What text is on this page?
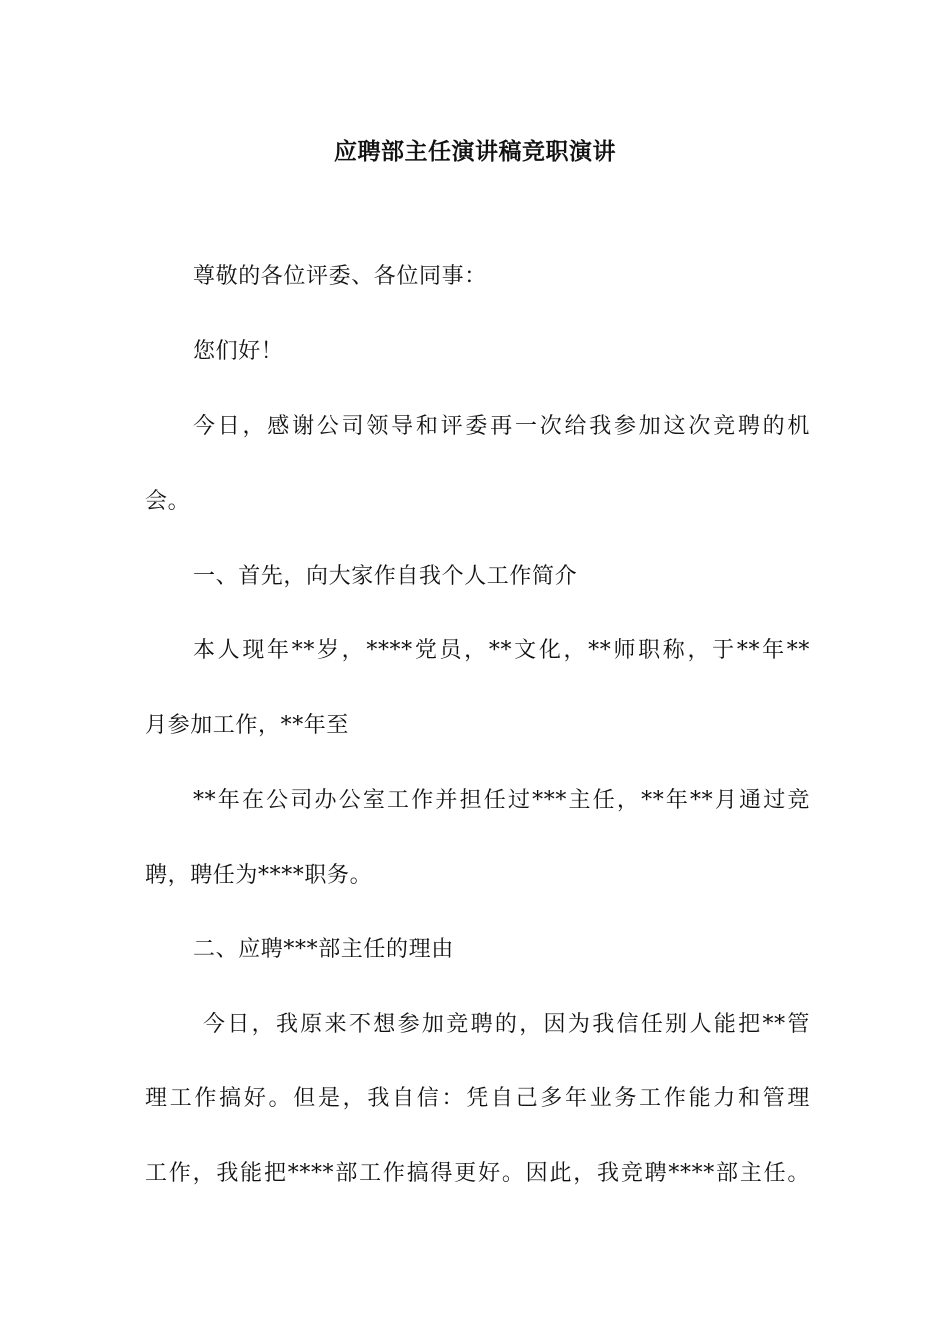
应聘部主任演讲稿竞职演讲
尊敬的各位评委、各位同事：
您们好！
今日，感谢公司领导和评委再一次给我参加这次竞聘的机
会。
一、首先，向大家作自我个人工作简介
本人现年**岁，****党员，**文化，**师职称，于**年**
月参加工作，**年至
**年在公司办公室工作并担任过***主任，**年**月通过竞
聘，聘任为****职务。
二、应聘***部主任的理由
今日，我原来不想参加竞聘的，因为我信任别人能把**管
理工作搞好。但是，我自信：凭自己多年业务工作能力和管理
工作，我能把****部工作搞得更好。因此，我竞聘****部主任。
